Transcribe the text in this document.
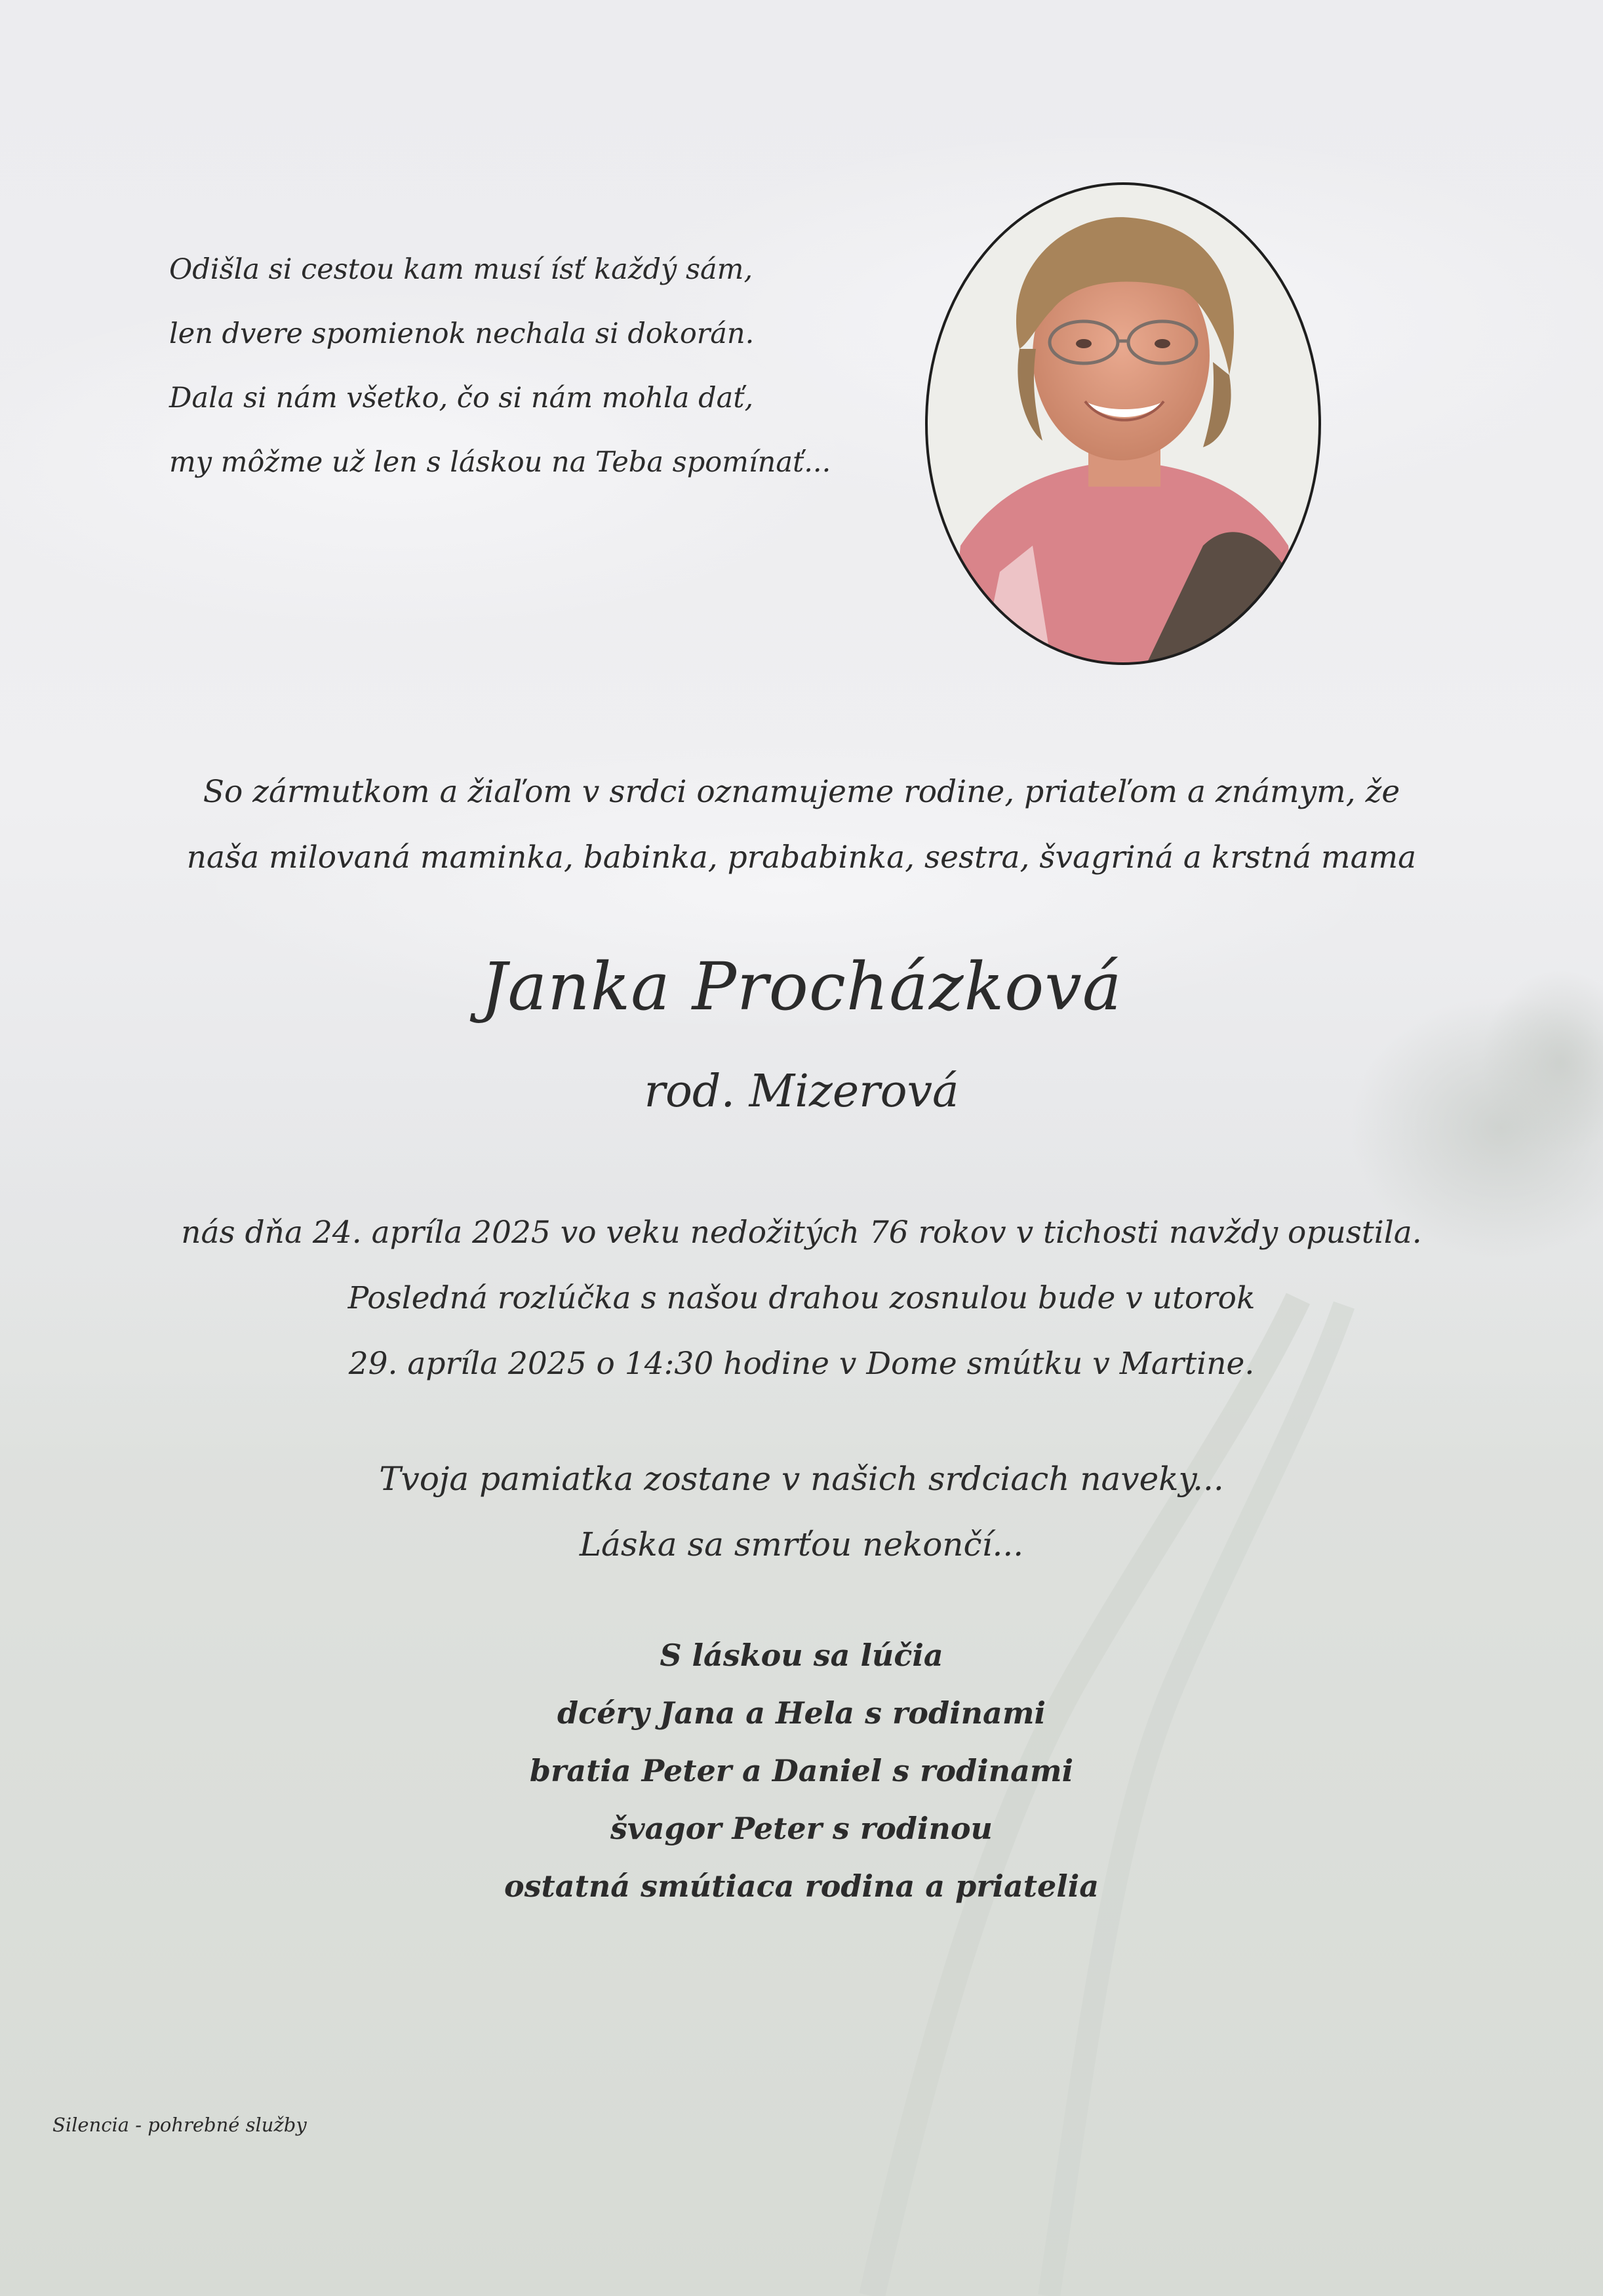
Odišla si cestou kam musí ísť každý sám,
len dvere spomienok nechala si dokorán.
Dala si nám všetko, čo si nám mohla dať,
my môžme už len s láskou na Teba spomínať...
So zármutkom a žiaľom v srdci oznamujeme rodine, priateľom a známym, že
naša milovaná maminka, babinka, prababinka, sestra, švagriná a krstná mama
Janka Procházková
rod. Mizerová
nás dňa 24. apríla 2025 vo veku nedožitých 76 rokov v tichosti navždy opustila.
Posledná rozlúčka s našou drahou zosnulou bude v utorok
29. apríla 2025 o 14:30 hodine v Dome smútku v Martine.
Tvoja pamiatka zostane v našich srdciach naveky...
Láska sa smrťou nekončí...
S láskou sa lúčia
dcéry Jana a Hela s rodinami
bratia Peter a Daniel s rodinami
švagor Peter s rodinou
ostatná smútiaca rodina a priatelia
Silencia - pohrebné služby
